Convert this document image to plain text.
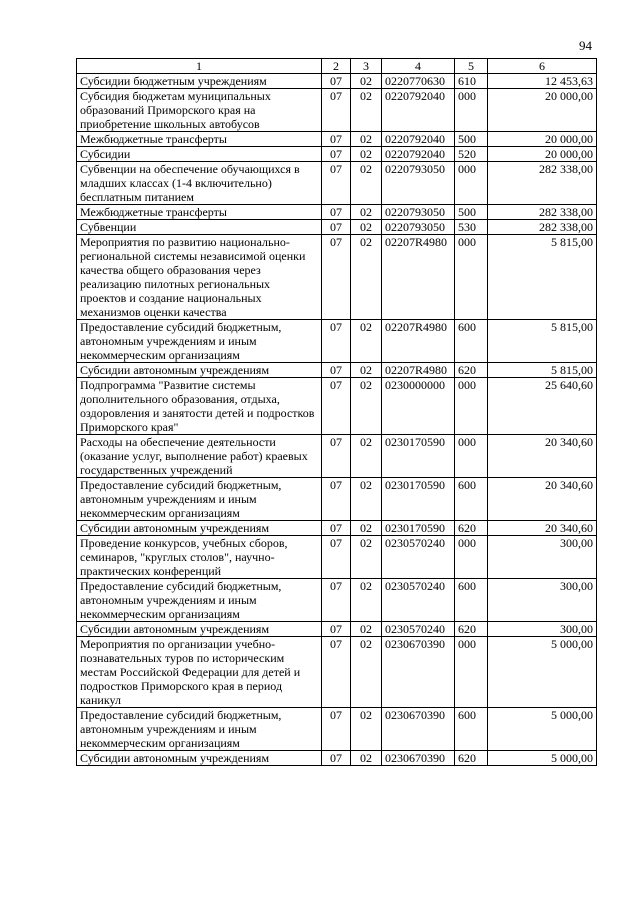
94
1	2	3	4	5	6
Субсидии бюджетным учреждениям	07	02	0220770630	610	12 453,63
Субсидия бюджетам муниципальных образований Приморского края на приобретение школьных автобусов	07	02	0220792040	000	20 000,00
Межбюджетные трансферты	07	02	0220792040	500	20 000,00
Субсидии	07	02	0220792040	520	20 000,00
Субвенции на обеспечение обучающихся в младших классах (1-4 включительно) бесплатным питанием	07	02	0220793050	000	282 338,00
Межбюджетные трансферты	07	02	0220793050	500	282 338,00
Субвенции	07	02	0220793050	530	282 338,00
Мероприятия по развитию национально-региональной системы независимой оценки качества общего образования через реализацию пилотных региональных проектов и создание национальных механизмов оценки качества	07	02	02207R4980	000	5 815,00
Предоставление субсидий бюджетным, автономным учреждениям и иным некоммерческим организациям	07	02	02207R4980	600	5 815,00
Субсидии автономным учреждениям	07	02	02207R4980	620	5 815,00
Подпрограмма "Развитие системы дополнительного образования, отдыха, оздоровления и занятости детей и подростков Приморского края"	07	02	0230000000	000	25 640,60
Расходы на обеспечение деятельности (оказание услуг, выполнение работ) краевых государственных учреждений	07	02	0230170590	000	20 340,60
Предоставление субсидий бюджетным, автономным учреждениям и иным некоммерческим организациям	07	02	0230170590	600	20 340,60
Субсидии автономным учреждениям	07	02	0230170590	620	20 340,60
Проведение конкурсов, учебных сборов, семинаров, "круглых столов", научно-практических конференций	07	02	0230570240	000	300,00
Предоставление субсидий бюджетным, автономным учреждениям и иным некоммерческим организациям	07	02	0230570240	600	300,00
Субсидии автономным учреждениям	07	02	0230570240	620	300,00
Мероприятия по организации учебно-познавательных туров по историческим местам Российской Федерации для детей и подростков Приморского края в период каникул	07	02	0230670390	000	5 000,00
Предоставление субсидий бюджетным, автономным учреждениям и иным некоммерческим организациям	07	02	0230670390	600	5 000,00
Субсидии автономным учреждениям	07	02	0230670390	620	5 000,00
